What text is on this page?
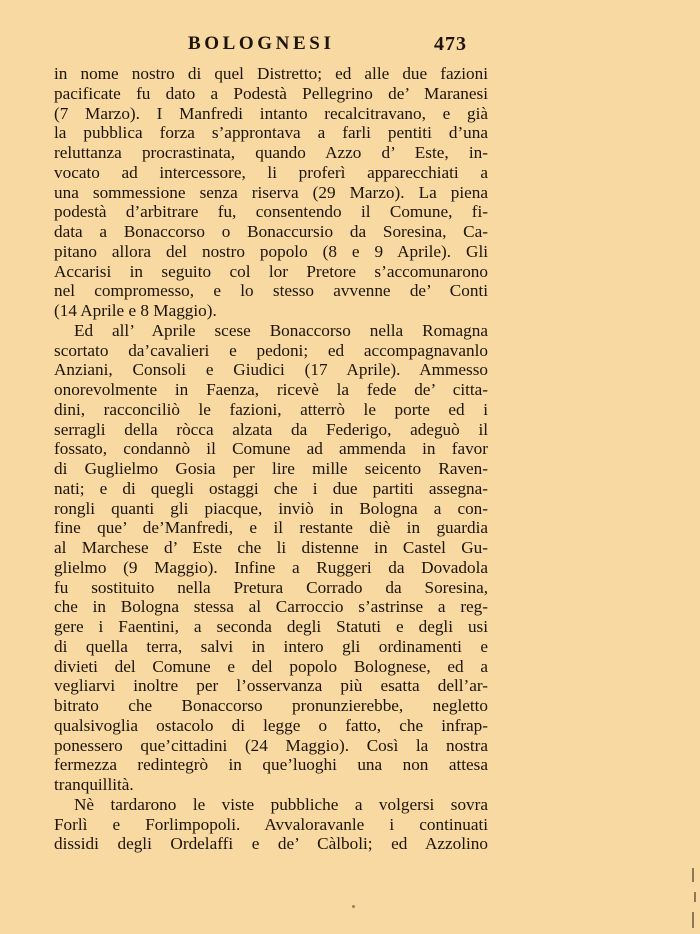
BOLOGNESI	473
in nome nostro di quel Distretto; ed alle due fazioni
pacificate fu dato a Podestà Pellegrino de’ Maranesi
(7 Marzo). I Manfredi intanto recalcitravano, e già
la pubblica forza s’approntava a farli pentiti d’una
reluttanza procrastinata, quando Azzo d’ Este, in-
vocato ad intercessore, li proferì apparecchiati a
una sommessione senza riserva (29 Marzo). La piena
podestà d’arbitrare fu, consentendo il Comune, fi-
data a Bonaccorso o Bonaccursio da Soresina, Ca-
pitano allora del nostro popolo (8 e 9 Aprile). Gli
Accarisi in seguito col lor Pretore s’accomunarono
nel compromesso, e lo stesso avvenne de’ Conti
(14 Aprile e 8 Maggio).
Ed all’ Aprile scese Bonaccorso nella Romagna
scortato da’cavalieri e pedoni; ed accompagnavanlo
Anziani, Consoli e Giudici (17 Aprile). Ammesso
onorevolmente in Faenza, ricevè la fede de’ citta-
dini, racconciliò le fazioni, atterrò le porte ed i
serragli della ròcca alzata da Federigo, adeguò il
fossato, condannò il Comune ad ammenda in favor
di Guglielmo Gosia per lire mille seicento Raven-
nati; e di quegli ostaggi che i due partiti assegna-
rongli quanti gli piacque, inviò in Bologna a con-
fine que’ de’Manfredi, e il restante diè in guardia
al Marchese d’ Este che li distenne in Castel Gu-
glielmo (9 Maggio). Infine a Ruggeri da Dovadola
fu sostituito nella Pretura Corrado da Soresina,
che in Bologna stessa al Carroccio s’astrinse a reg-
gere i Faentini, a seconda degli Statuti e degli usi
di quella terra, salvi in intero gli ordinamenti e
divieti del Comune e del popolo Bolognese, ed a
vegliarvi inoltre per l’osservanza più esatta dell’ar-
bitrato che Bonaccorso pronunzierebbe, negletto
qualsivoglia ostacolo di legge o fatto, che infrap-
ponessero que’cittadini (24 Maggio). Così la nostra
fermezza redintegrò in que’luoghi una non attesa
tranquillità.
Nè tardarono le viste pubbliche a volgersi sovra
Forlì e Forlimpopoli. Avvaloravanle i continuati
dissidi degli Ordelaffi e de’ Càlboli; ed Azzolino
